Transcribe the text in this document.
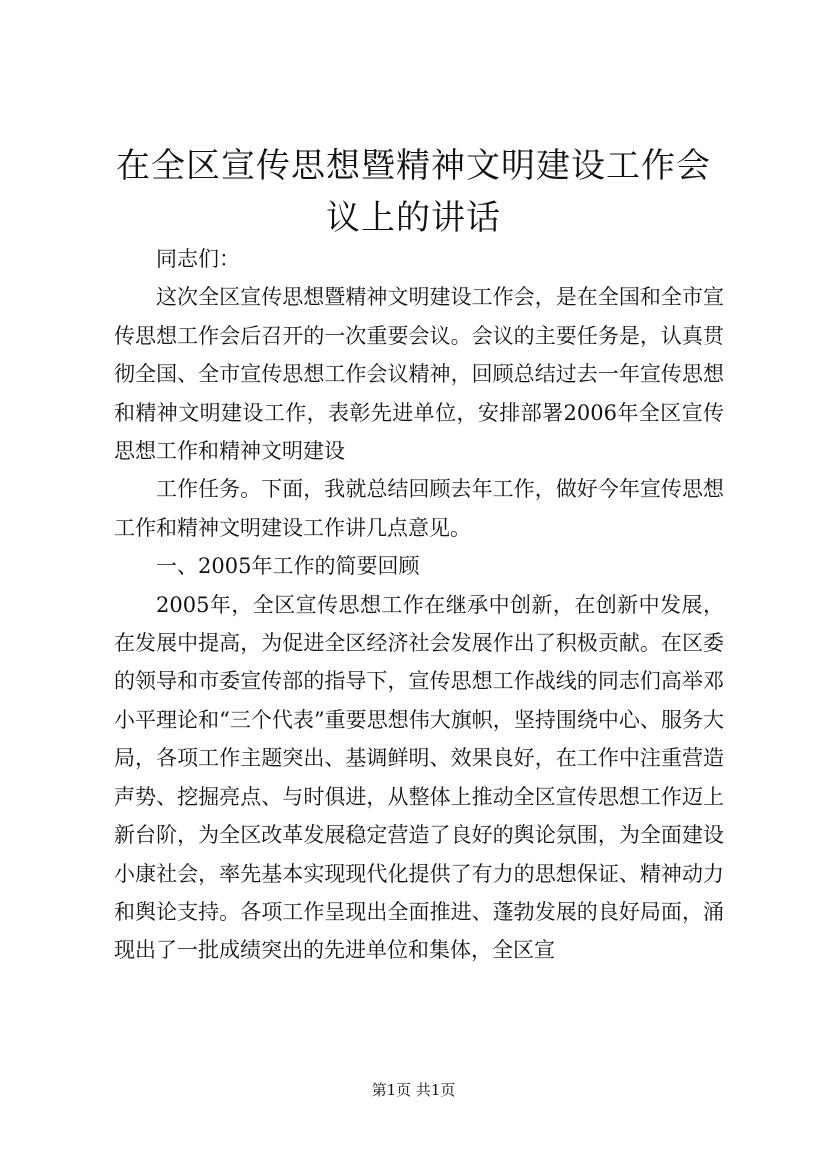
在全区宣传思想暨精神文明建设工作会议上的讲话

同志们：

这次全区宣传思想暨精神文明建设工作会，是在全国和全市宣传思想工作会后召开的一次重要会议。会议的主要任务是，认真贯彻全国、全市宣传思想工作会议精神，回顾总结过去一年宣传思想和精神文明建设工作，表彰先进单位，安排部署2006年全区宣传思想工作和精神文明建设

工作任务。下面，我就总结回顾去年工作，做好今年宣传思想工作和精神文明建设工作讲几点意见。

一、2005年工作的简要回顾

2005年，全区宣传思想工作在继承中创新，在创新中发展，在发展中提高，为促进全区经济社会发展作出了积极贡献。在区委的领导和市委宣传部的指导下，宣传思想工作战线的同志们高举邓小平理论和“三个代表”重要思想伟大旗帜，坚持围绕中心、服务大局，各项工作主题突出、基调鲜明、效果良好，在工作中注重营造声势、挖掘亮点、与时俱进，从整体上推动全区宣传思想工作迈上新台阶，为全区改革发展稳定营造了良好的舆论氛围，为全面建设小康社会，率先基本实现现代化提供了有力的思想保证、精神动力和舆论支持。各项工作呈现出全面推进、蓬勃发展的良好局面，涌现出了一批成绩突出的先进单位和集体，全区宣

第1页 共1页
